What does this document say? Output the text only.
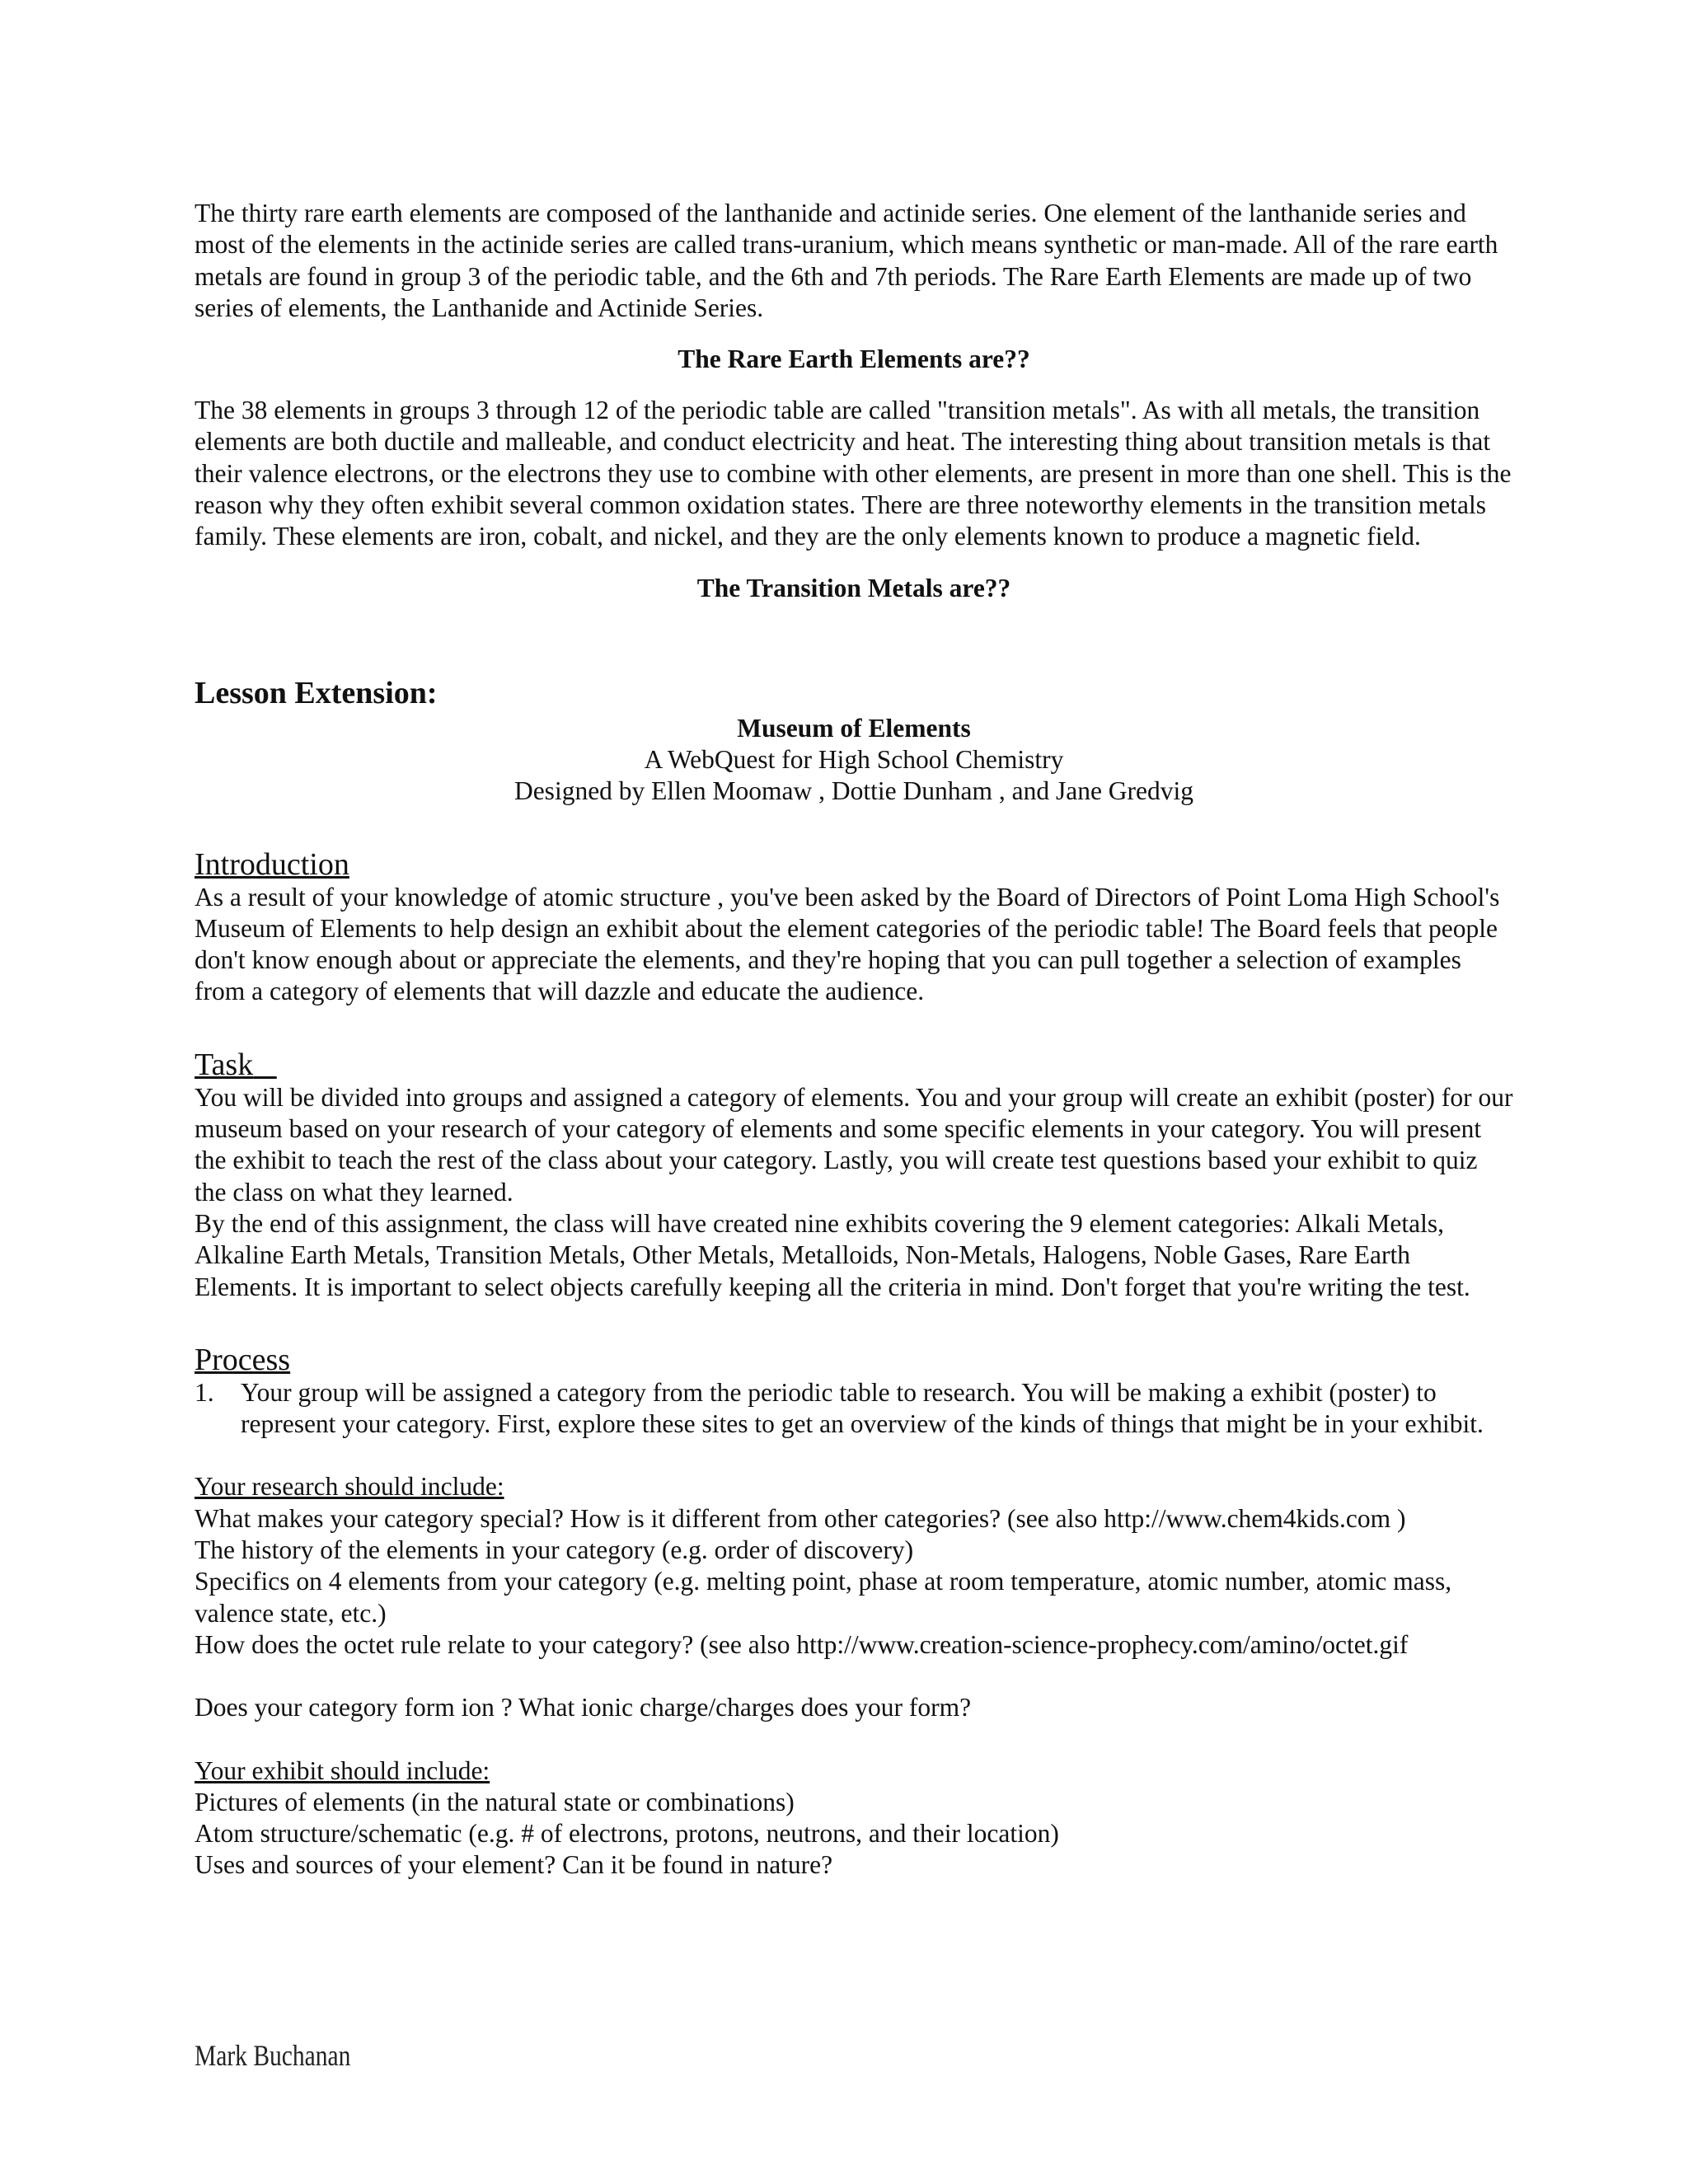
The thirty rare earth elements are composed of the lanthanide and actinide series. One element of the lanthanide series and most of the elements in the actinide series are called trans-uranium, which means synthetic or man-made. All of the rare earth metals are found in group 3 of the periodic table, and the 6th and 7th periods. The Rare Earth Elements are made up of two series of elements, the Lanthanide and Actinide Series.

The Rare Earth Elements are??

The 38 elements in groups 3 through 12 of the periodic table are called "transition metals". As with all metals, the transition elements are both ductile and malleable, and conduct electricity and heat. The interesting thing about transition metals is that their valence electrons, or the electrons they use to combine with other elements, are present in more than one shell. This is the reason why they often exhibit several common oxidation states. There are three noteworthy elements in the transition metals family. These elements are iron, cobalt, and nickel, and they are the only elements known to produce a magnetic field.

The Transition Metals are??

Lesson Extension:
Museum of Elements
A WebQuest for High School Chemistry
Designed by Ellen Moomaw , Dottie Dunham , and Jane Gredvig
Introduction

As a result of your knowledge of atomic structure , you've been asked by the Board of Directors of Point Loma High School's Museum of Elements to help design an exhibit about the element categories of the periodic table! The Board feels that people don't know enough about or appreciate the elements, and they're hoping that you can pull together a selection of examples from a category of elements that will dazzle and educate the audience.

Task

You will be divided into groups and assigned a category of elements. You and your group will create an exhibit (poster) for our museum based on your research of your category of elements and some specific elements in your category. You will present the exhibit to teach the rest of the class about your category. Lastly, you will create test questions based your exhibit to quiz the class on what they learned.

By the end of this assignment, the class will have created nine exhibits covering the 9 element categories: Alkali Metals, Alkaline Earth Metals, Transition Metals, Other Metals, Metalloids, Non-Metals, Halogens, Noble Gases, Rare Earth Elements. It is important to select objects carefully keeping all the criteria in mind. Don't forget that you're writing the test.

Process

1. Your group will be assigned a category from the periodic table to research. You will be making a exhibit (poster) to represent your category. First, explore these sites to get an overview of the kinds of things that might be in your exhibit.

Your research should include:

What makes your category special? How is it different from other categories? (see also http://www.chem4kids.com )

The history of the elements in your category (e.g. order of discovery)

Specifics on 4 elements from your category (e.g. melting point, phase at room temperature, atomic number, atomic mass, valence state, etc.)

How does the octet rule relate to your category? (see also http://www.creation-science-prophecy.com/amino/octet.gif

Does your category form ion ? What ionic charge/charges does your form?

Your exhibit should include:

Pictures of elements (in the natural state or combinations)

Atom structure/schematic (e.g. # of electrons, protons, neutrons, and their location)

Uses and sources of your element? Can it be found in nature?

Mark Buchanan
